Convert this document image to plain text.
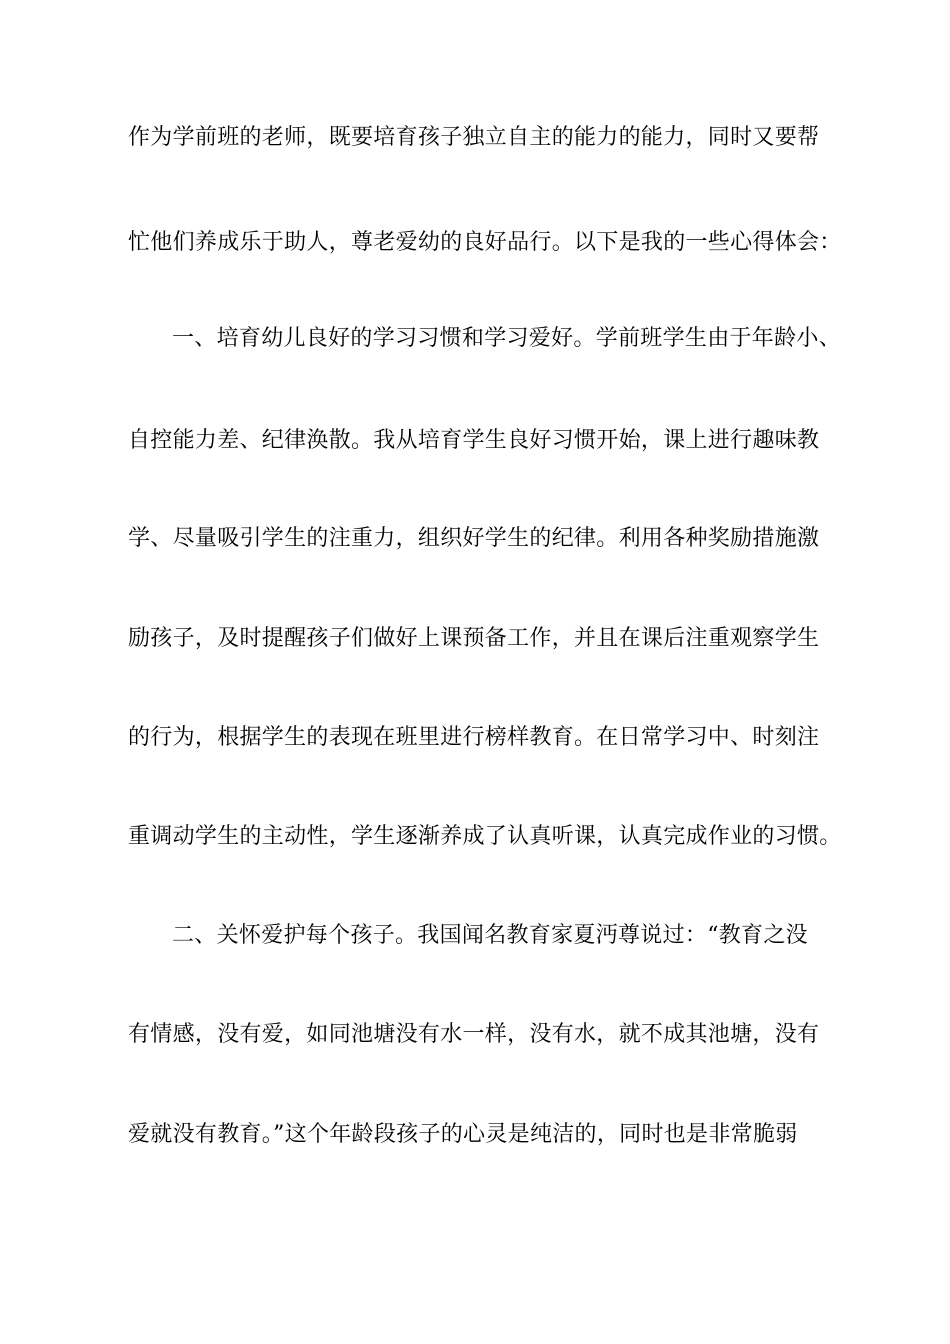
作为学前班的老师，既要培育孩子独立自主的能力的能力，同时又要帮
忙他们养成乐于助人，尊老爱幼的良好品行。以下是我的一些心得体会：
一、培育幼儿良好的学习习惯和学习爱好。学前班学生由于年龄小、
自控能力差、纪律涣散。我从培育学生良好习惯开始，课上进行趣味教
学、尽量吸引学生的注重力，组织好学生的纪律。利用各种奖励措施激
励孩子，及时提醒孩子们做好上课预备工作，并且在课后注重观察学生
的行为，根据学生的表现在班里进行榜样教育。在日常学习中、时刻注
重调动学生的主动性，学生逐渐养成了认真听课，认真完成作业的习惯。
二、关怀爱护每个孩子。我国闻名教育家夏沔尊说过：“教育之没
有情感，没有爱，如同池塘没有水一样，没有水，就不成其池塘，没有
爱就没有教育。”这个年龄段孩子的心灵是纯洁的，同时也是非常脆弱
